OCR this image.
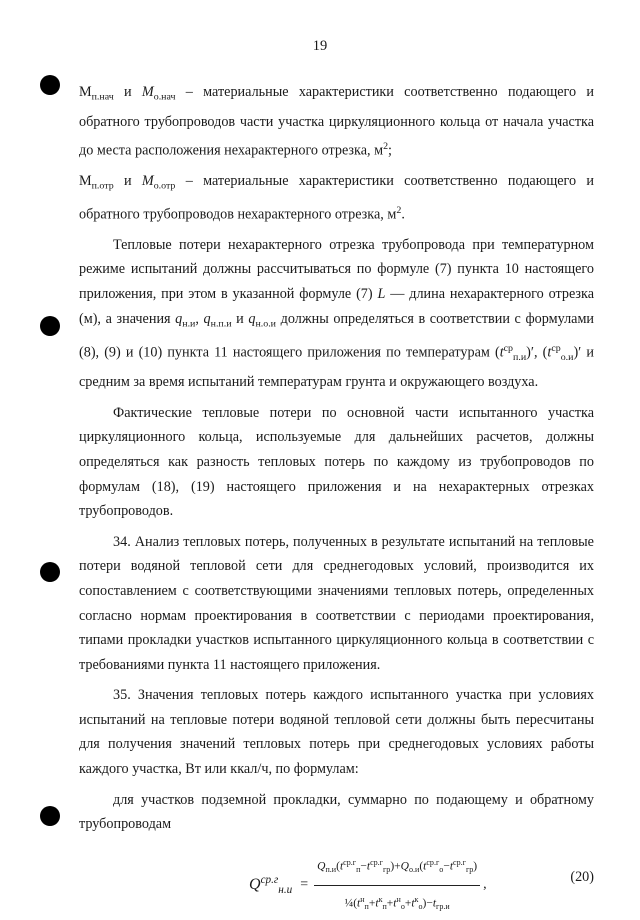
19

$M_{п.нач}$ и $M_{о.нач}$ – материальные характеристики соответственно подающего и обратного трубопроводов части участка циркуляционного кольца от начала участка до места расположения нехарактерного отрезка, $м^2$;

$M_{п.отр}$ и $M_{о.отр}$ – материальные характеристики соответственно подающего и обратного трубопроводов нехарактерного отрезка, $м^2$.

Тепловые потери нехарактерного отрезка трубопровода при температурном режиме испытаний должны рассчитываться по формуле (7) пункта 10 настоящего приложения, при этом в указанной формуле (7) L — длина нехарактерного отрезка (м), а значения $q_{н.и}$, $q_{н.п.и}$ и $q_{н.о.и}$ должны определяться в соответствии с формулами (8), (9) и (10) пункта 11 настоящего приложения по температурам $(t^{ср}_{п.и})'$, $(t^{ср}_{о.и})'$ и средним за время испытаний температурам грунта и окружающего воздуха.

Фактические тепловые потери по основной части испытанного участка циркуляционного кольца, используемые для дальнейших расчетов, должны определяться как разность тепловых потерь по каждому из трубопроводов по формулам (18), (19) настоящего приложения и на нехарактерных отрезках трубопроводов.

34. Анализ тепловых потерь, полученных в результате испытаний на тепловые потери водяной тепловой сети для среднегодовых условий, производится их сопоставлением с соответствующими значениями тепловых потерь, определенных согласно нормам проектирования в соответствии с периодами проектирования, типами прокладки участков испытанного циркуляционного кольца в соответствии с требованиями пункта 11 настоящего приложения.

35. Значения тепловых потерь каждого испытанного участка при условиях испытаний на тепловые потери водяной тепловой сети должны быть пересчитаны для получения значений тепловых потерь при среднегодовых условиях работы каждого участка, Вт или ккал/ч, по формулам:

для участков подземной прокладки, суммарно по подающему и обратному трубопроводам

$Q^{ср.г}_{н.и} = \frac{Q_{п.и}(t^{ср.г}_п-t^{ср.г}_{гр})+Q_{о.и}(t^{ср.г}_о-t^{ср.г}_{гр})}{\frac{1}{4}(t^н_п+t^к_п+t^н_о+t^к_о)-t_{гр.и}}$ ,	(20)
